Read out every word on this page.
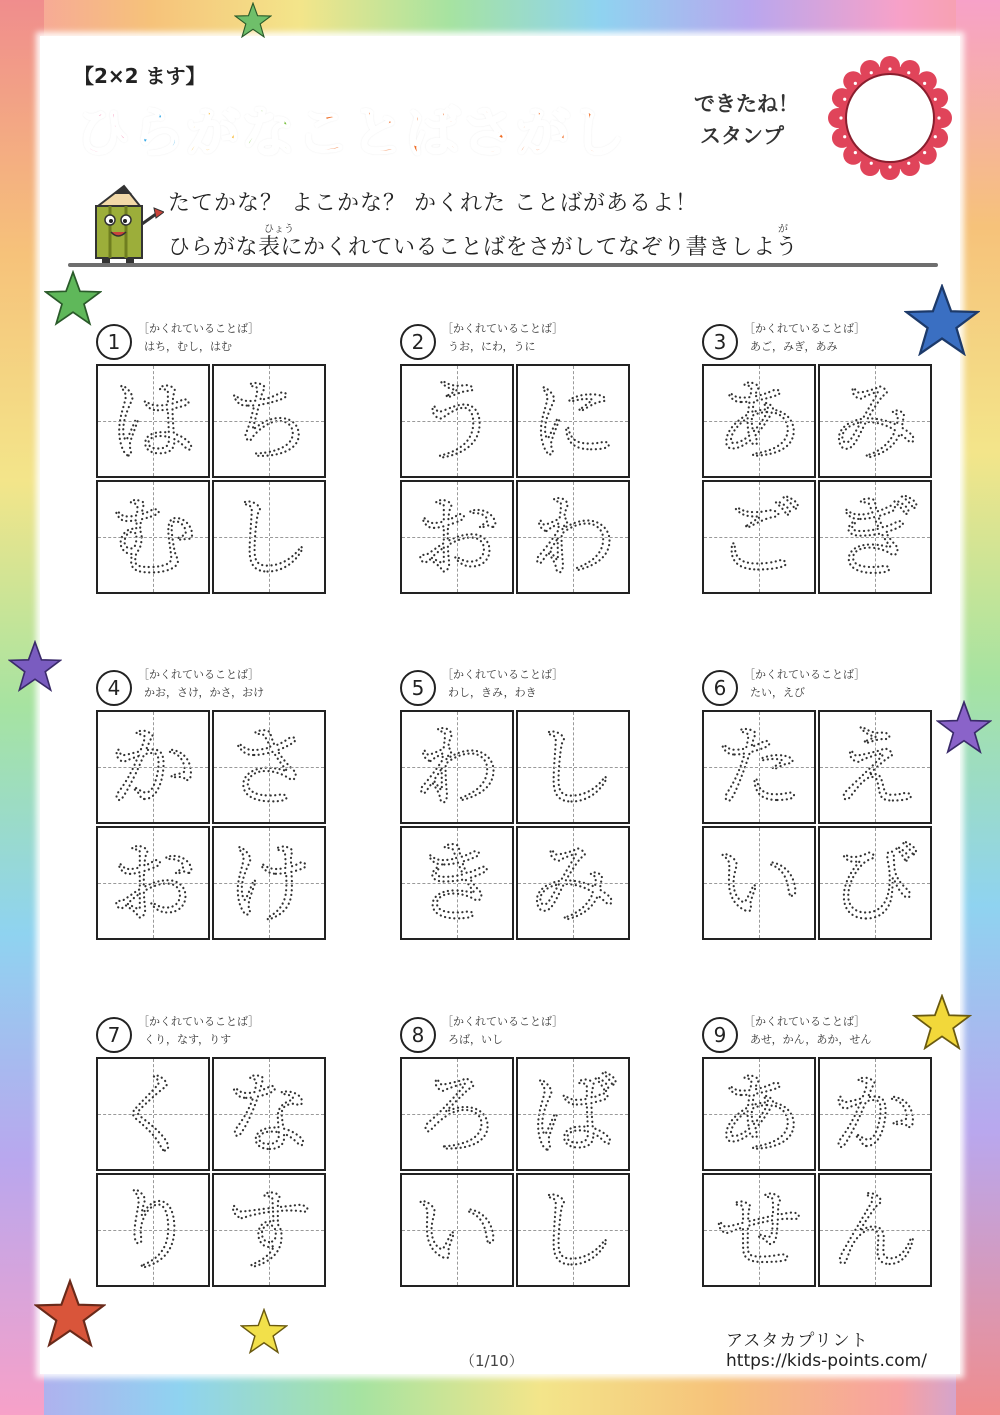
【2×2 ます】
ひらがなことばさがし	できたね！
スタンプ
たてかな？ よこかな？ かくれた ことばがあるよ！
ひらがな表にかくれていることばをさがしてなぞり書きしよう
ひょう	が
1
［かくれていることば］
はち，むし，はむ
は ち
む し
2
［かくれていることば］
うお，にわ，うに
う に
お わ
3
［かくれていることば］
あご，みぎ，あみ
あ み
ご ぎ
4
［かくれていることば］
かお，さけ，かさ，おけ
か さ
お け
5
［かくれていることば］
わし，きみ，わき
わ し
き み
6
［かくれていることば］
たい，えび
た え
い び
7
［かくれていることば］
くり，なす，りす
く な
り す
8
［かくれていることば］
ろば，いし
ろ ば
い し
9
［かくれていることば］
あせ，かん，あか，せん
あ か
せ ん
（1/10）
アスタカプリント
https://kids-points.com/
